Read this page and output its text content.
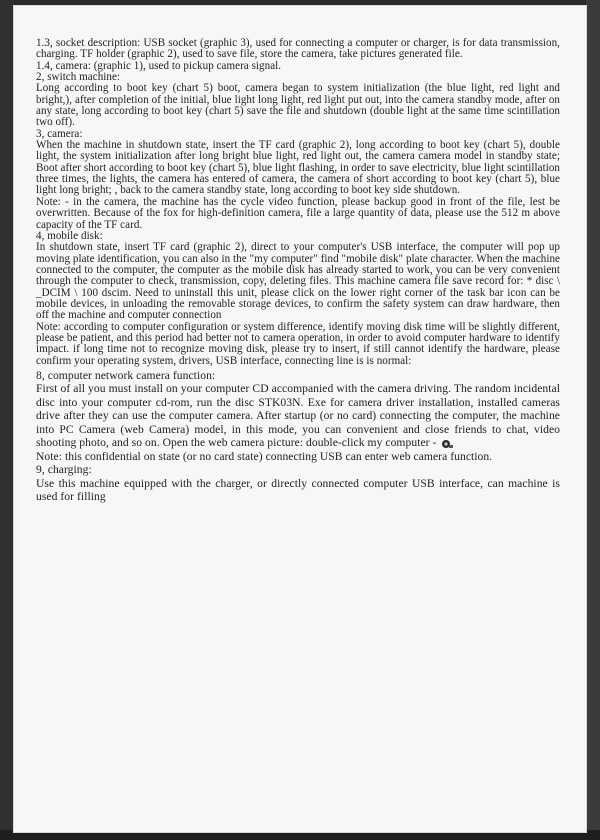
1.3, socket description: USB socket (graphic 3), used for connecting a computer or charger, is for data transmission, charging. TF holder (graphic 2), used to save file, store the camera, take pictures generated file.

1.4, camera: (graphic 1), used to pickup camera signal.

2, switch machine:

Long according to boot key (chart 5) boot, camera began to system initialization (the blue light, red light and bright,), after completion of the initial, blue light long light, red light put out, into the camera standby mode, after on any state, long according to boot key (chart 5) save the file and shutdown (double light at the same time scintillation two off).

3, camera:

When the machine in shutdown state, insert the TF card (graphic 2), long according to boot key (chart 5), double light, the system initialization after long bright blue light, red light out, the camera camera model in standby state; Boot after short according to boot key (chart 5), blue light flashing, in order to save electricity, blue light scintillation three times, the lights, the camera has entered of camera, the camera of short according to boot key (chart 5), blue light long bright; , back to the camera standby state, long according to boot key side shutdown.

Note: - in the camera, the machine has the cycle video function, please backup good in front of the file, lest be overwritten. Because of the fox for high-definition camera, file a large quantity of data, please use the 512 m above capacity of the TF card.

4, mobile disk:

In shutdown state, insert TF card (graphic 2), direct to your computer's USB interface, the computer will pop up moving plate identification, you can also in the "my computer" find "mobile disk" plate character. When the machine connected to the computer, the computer as the mobile disk has already started to work, you can be very convenient through the computer to check, transmission, copy, deleting files. This machine camera file save record for: * disc \ _DCIM \ 100 dscim. Need to uninstall this unit, please click on the lower right corner of the task bar icon can be mobile devices, in unloading the removable storage devices, to confirm the safety system can draw hardware, then off the machine and computer connection

Note: according to computer configuration or system difference, identify moving disk time will be slightly different, please be patient, and this period had better not to camera operation, in order to avoid computer hardware to identify impact. if long time not to recognize moving disk, please try to insert, if still cannot identify the hardware, please confirm your operating system, drivers, USB interface, connecting line is is normal:

8, computer network camera function:

First of all you must install on your computer CD accompanied with the camera driving. The random incidental disc into your computer cd-rom, run the disc STK03N. Exe for camera driver installation, installed cameras drive after they can use the computer camera. After startup (or no card) connecting the computer, the machine into PC Camera (web Camera) model, in this mode, you can convenient and close friends to chat, video shooting photo, and so on. Open the web camera picture: double-click my computer -

Note: this confidential on state (or no card state) connecting USB can enter web camera function.

9, charging:

Use this machine equipped with the charger, or directly connected computer USB interface, can machine is used for filling
